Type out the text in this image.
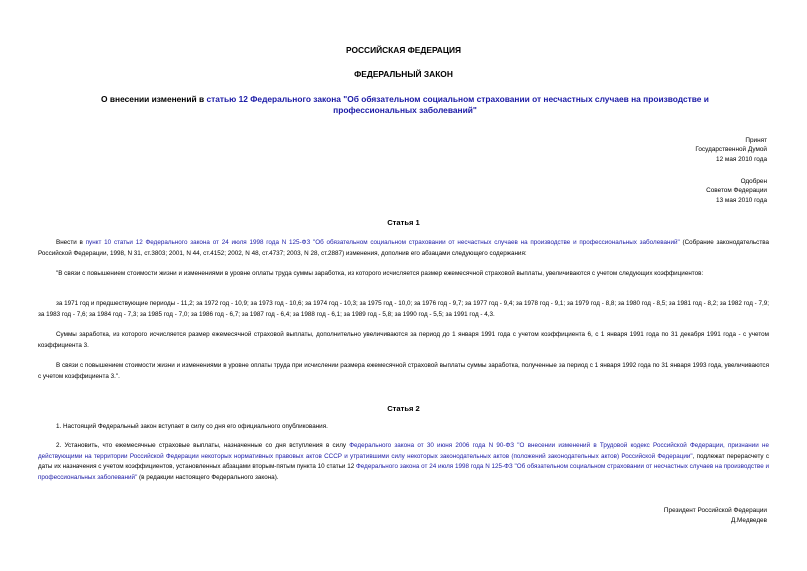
РОССИЙСКАЯ ФЕДЕРАЦИЯ
ФЕДЕРАЛЬНЫЙ ЗАКОН
О внесении изменений в статью 12 Федерального закона "Об обязательном социальном страховании от несчастных случаев на производстве и профессиональных заболеваний"
Принят
Государственной Думой
12 мая 2010 года
Одобрен
Советом Федерации
13 мая 2010 года
Статья 1

Внести в пункт 10 статьи 12 Федерального закона от 24 июля 1998 года N 125-ФЗ "Об обязательном социальном страховании от несчастных случаев на производстве и профессиональных заболеваний" (Собрание законодательства Российской Федерации, 1998, N 31, ст.3803; 2001, N 44, ст.4152; 2002, N 48, ст.4737; 2003, N 28, ст.2887) изменения, дополнив его абзацами следующего содержания:

"В связи с повышением стоимости жизни и изменениями в уровне оплаты труда суммы заработка, из которого исчисляется размер ежемесячной страховой выплаты, увеличиваются с учетом следующих коэффициентов:

за 1971 год и предшествующие периоды - 11,2; за 1972 год - 10,9; за 1973 год - 10,6; за 1974 год - 10,3; за 1975 год - 10,0; за 1976 год - 9,7; за 1977 год - 9,4; за 1978 год - 9,1; за 1979 год - 8,8; за 1980 год - 8,5; за 1981 год - 8,2; за 1982 год - 7,9; за 1983 год - 7,6; за 1984 год - 7,3; за 1985 год - 7,0; за 1986 год - 6,7; за 1987 год - 6,4; за 1988 год - 6,1; за 1989 год - 5,8; за 1990 год - 5,5; за 1991 год - 4,3.

Суммы заработка, из которого исчисляется размер ежемесячной страховой выплаты, дополнительно увеличиваются за период до 1 января 1991 года с учетом коэффициента 6, с 1 января 1991 года по 31 декабря 1991 года - с учетом коэффициента 3.

В связи с повышением стоимости жизни и изменениями в уровне оплаты труда при исчислении размера ежемесячной страховой выплаты суммы заработка, полученные за период с 1 января 1992 года по 31 января 1993 года, увеличиваются с учетом коэффициента 3.".

Статья 2

1. Настоящий Федеральный закон вступает в силу со дня его официального опубликования.

2. Установить, что ежемесячные страховые выплаты, назначенные со дня вступления в силу Федерального закона от 30 июня 2006 года N 90-ФЗ "О внесении изменений в Трудовой кодекс Российской Федерации, признании не действующими на территории Российской Федерации некоторых нормативных правовых актов СССР и утратившими силу некоторых законодательных актов (положений законодательных актов) Российской Федерации", подлежат перерасчету с даты их назначения с учетом коэффициентов, установленных абзацами вторым-пятым пункта 10 статьи 12 Федерального закона от 24 июля 1998 года N 125-ФЗ "Об обязательном социальном страховании от несчастных случаев на производстве и профессиональных заболеваний" (в редакции настоящего Федерального закона).

Президент Российской Федерации
Д.Медведев
